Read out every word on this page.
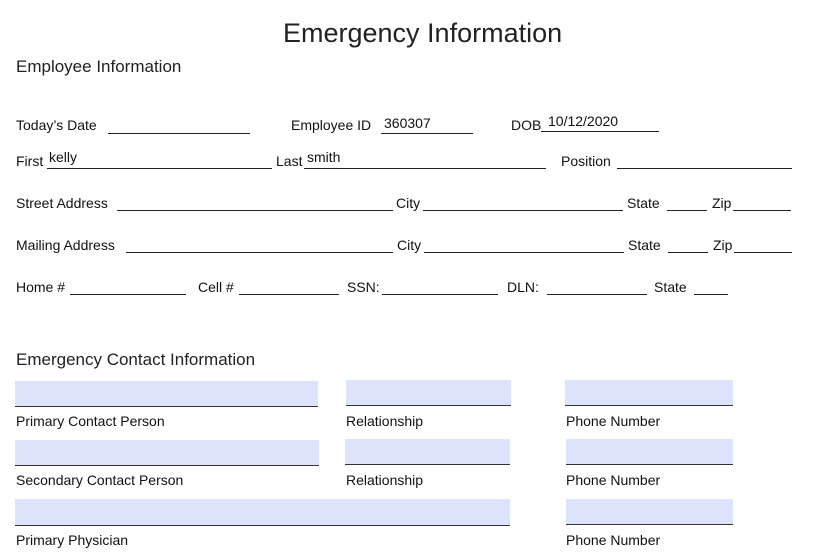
Emergency Information
Employee Information
Today’s Date	Employee ID 360307	DOB 10/12/2020
First kelly	Last smith	Position
Street Address	City	State	Zip
Mailing Address	City	State	Zip
Home #	Cell #	SSN:	DLN:	State
Emergency Contact Information
Primary Contact Person	Relationship	Phone Number
Secondary Contact Person	Relationship	Phone Number
Primary Physician	Phone Number
